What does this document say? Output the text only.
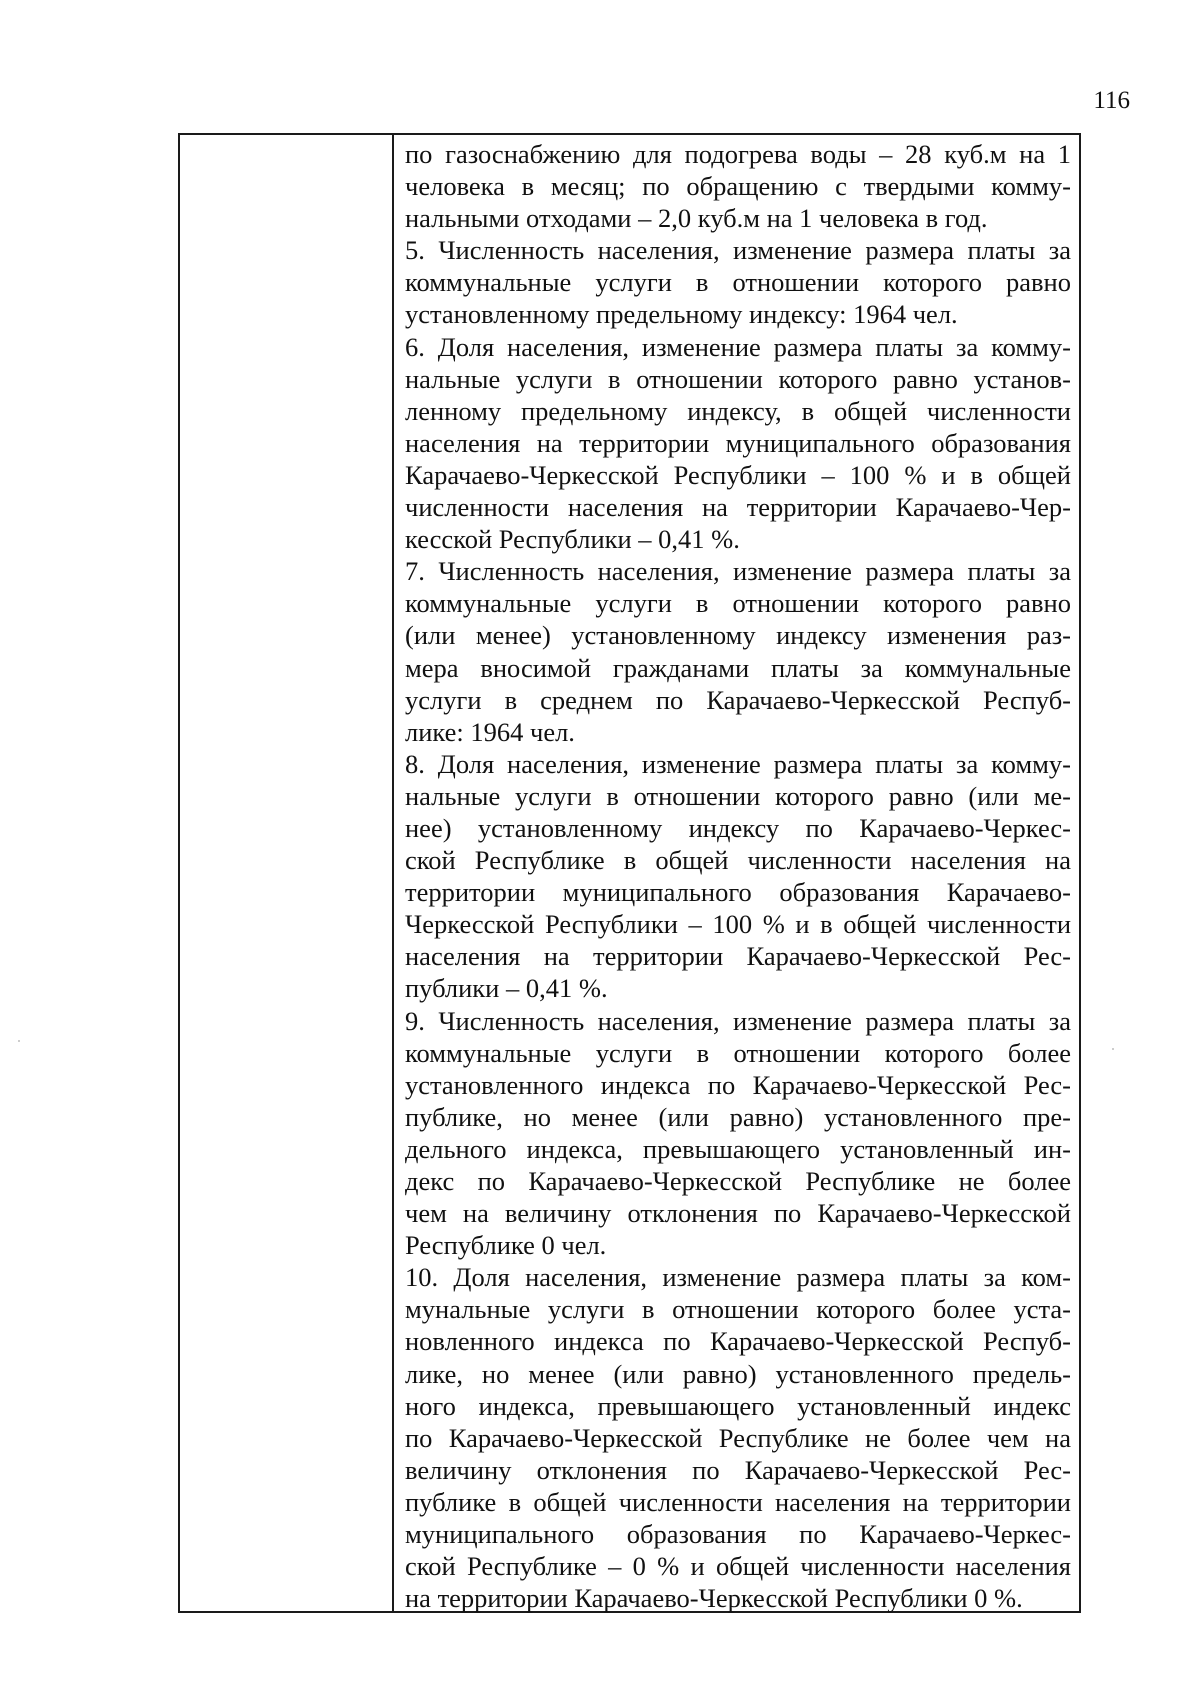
116
по газоснабжению для подогрева воды – 28 куб.м на 1
человека в месяц; по обращению с твердыми комму-
нальными отходами – 2,0 куб.м на 1 человека в год.
5. Численность населения, изменение размера платы за
коммунальные услуги в отношении которого равно
установленному предельному индексу: 1964 чел.
6. Доля населения, изменение размера платы за комму-
нальные услуги в отношении которого равно установ-
ленному предельному индексу, в общей численности
населения на территории муниципального образования
Карачаево-Черкесской Республики – 100 % и в общей
численности населения на территории Карачаево-Чер-
кесской Республики – 0,41 %.
7. Численность населения, изменение размера платы за
коммунальные услуги в отношении которого равно
(или менее) установленному индексу изменения раз-
мера вносимой гражданами платы за коммунальные
услуги в среднем по Карачаево-Черкесской Респуб-
лике: 1964 чел.
8. Доля населения, изменение размера платы за комму-
нальные услуги в отношении которого равно (или ме-
нее) установленному индексу по Карачаево-Черкес-
ской Республике в общей численности населения на
территории муниципального образования Карачаево-
Черкесской Республики – 100 % и в общей численности
населения на территории Карачаево-Черкесской Рес-
публики – 0,41 %.
9. Численность населения, изменение размера платы за
коммунальные услуги в отношении которого более
установленного индекса по Карачаево-Черкесской Рес-
публике, но менее (или равно) установленного пре-
дельного индекса, превышающего установленный ин-
декс по Карачаево-Черкесской Республике не более
чем на величину отклонения по Карачаево-Черкесской
Республике 0 чел.
10. Доля населения, изменение размера платы за ком-
мунальные услуги в отношении которого более уста-
новленного индекса по Карачаево-Черкесской Респуб-
лике, но менее (или равно) установленного предель-
ного индекса, превышающего установленный индекс
по Карачаево-Черкесской Республике не более чем на
величину отклонения по Карачаево-Черкесской Рес-
публике в общей численности населения на территории
муниципального образования по Карачаево-Черкес-
ской Республике – 0 % и общей численности населения
на территории Карачаево-Черкесской Республики 0 %.
